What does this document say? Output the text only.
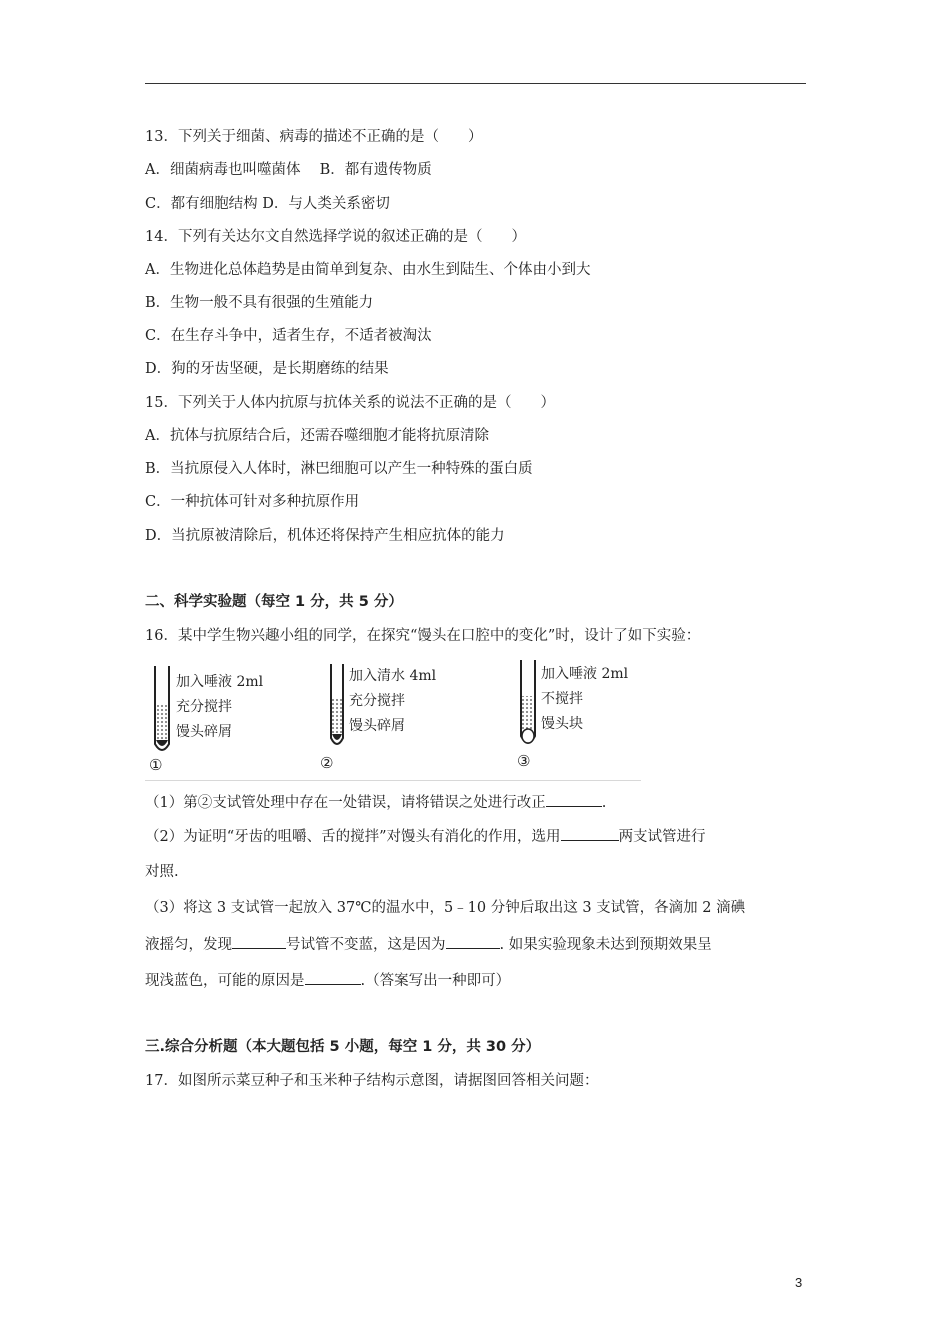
13．下列关于细菌、病毒的描述不正确的是（　　）
A．细菌病毒也叫噬菌体　 B．都有遗传物质
C．都有细胞结构 D．与人类关系密切
14．下列有关达尔文自然选择学说的叙述正确的是（　　）
A．生物进化总体趋势是由简单到复杂、由水生到陆生、个体由小到大
B．生物一般不具有很强的生殖能力
C．在生存斗争中，适者生存，不适者被淘汰
D．狗的牙齿坚硬，是长期磨练的结果
15．下列关于人体内抗原与抗体关系的说法不正确的是（　　）
A．抗体与抗原结合后，还需吞噬细胞才能将抗原清除
B．当抗原侵入人体时，淋巴细胞可以产生一种特殊的蛋白质
C．一种抗体可针对多种抗原作用
D．当抗原被清除后，机体还将保持产生相应抗体的能力
二、科学实验题（每空 1 分，共 5 分）
16．某中学生物兴趣小组的同学，在探究“馒头在口腔中的变化”时，设计了如下实验：
①
加入唾液 2ml
充分搅拌
馒头碎屑
②
加入清水 4ml
充分搅拌
馒头碎屑
③
加入唾液 2ml
不搅拌
馒头块
（1）第②支试管处理中存在一处错误，请将错误之处进行改正	.
（2）为证明“牙齿的咀嚼、舌的搅拌”对馒头有消化的作用，选用	两支试管进行
对照.
（3）将这 3 支试管一起放入 37℃的温水中，5﹣10 分钟后取出这 3 支试管，各滴加 2 滴碘
液摇匀，发现	号试管不变蓝，这是因为	. 如果实验现象未达到预期效果呈
现浅蓝色，可能的原因是	.（答案写出一种即可）
三.综合分析题（本大题包括 5 小题，每空 1 分，共 30 分）
17．如图所示菜豆种子和玉米种子结构示意图，请据图回答相关问题：
3
